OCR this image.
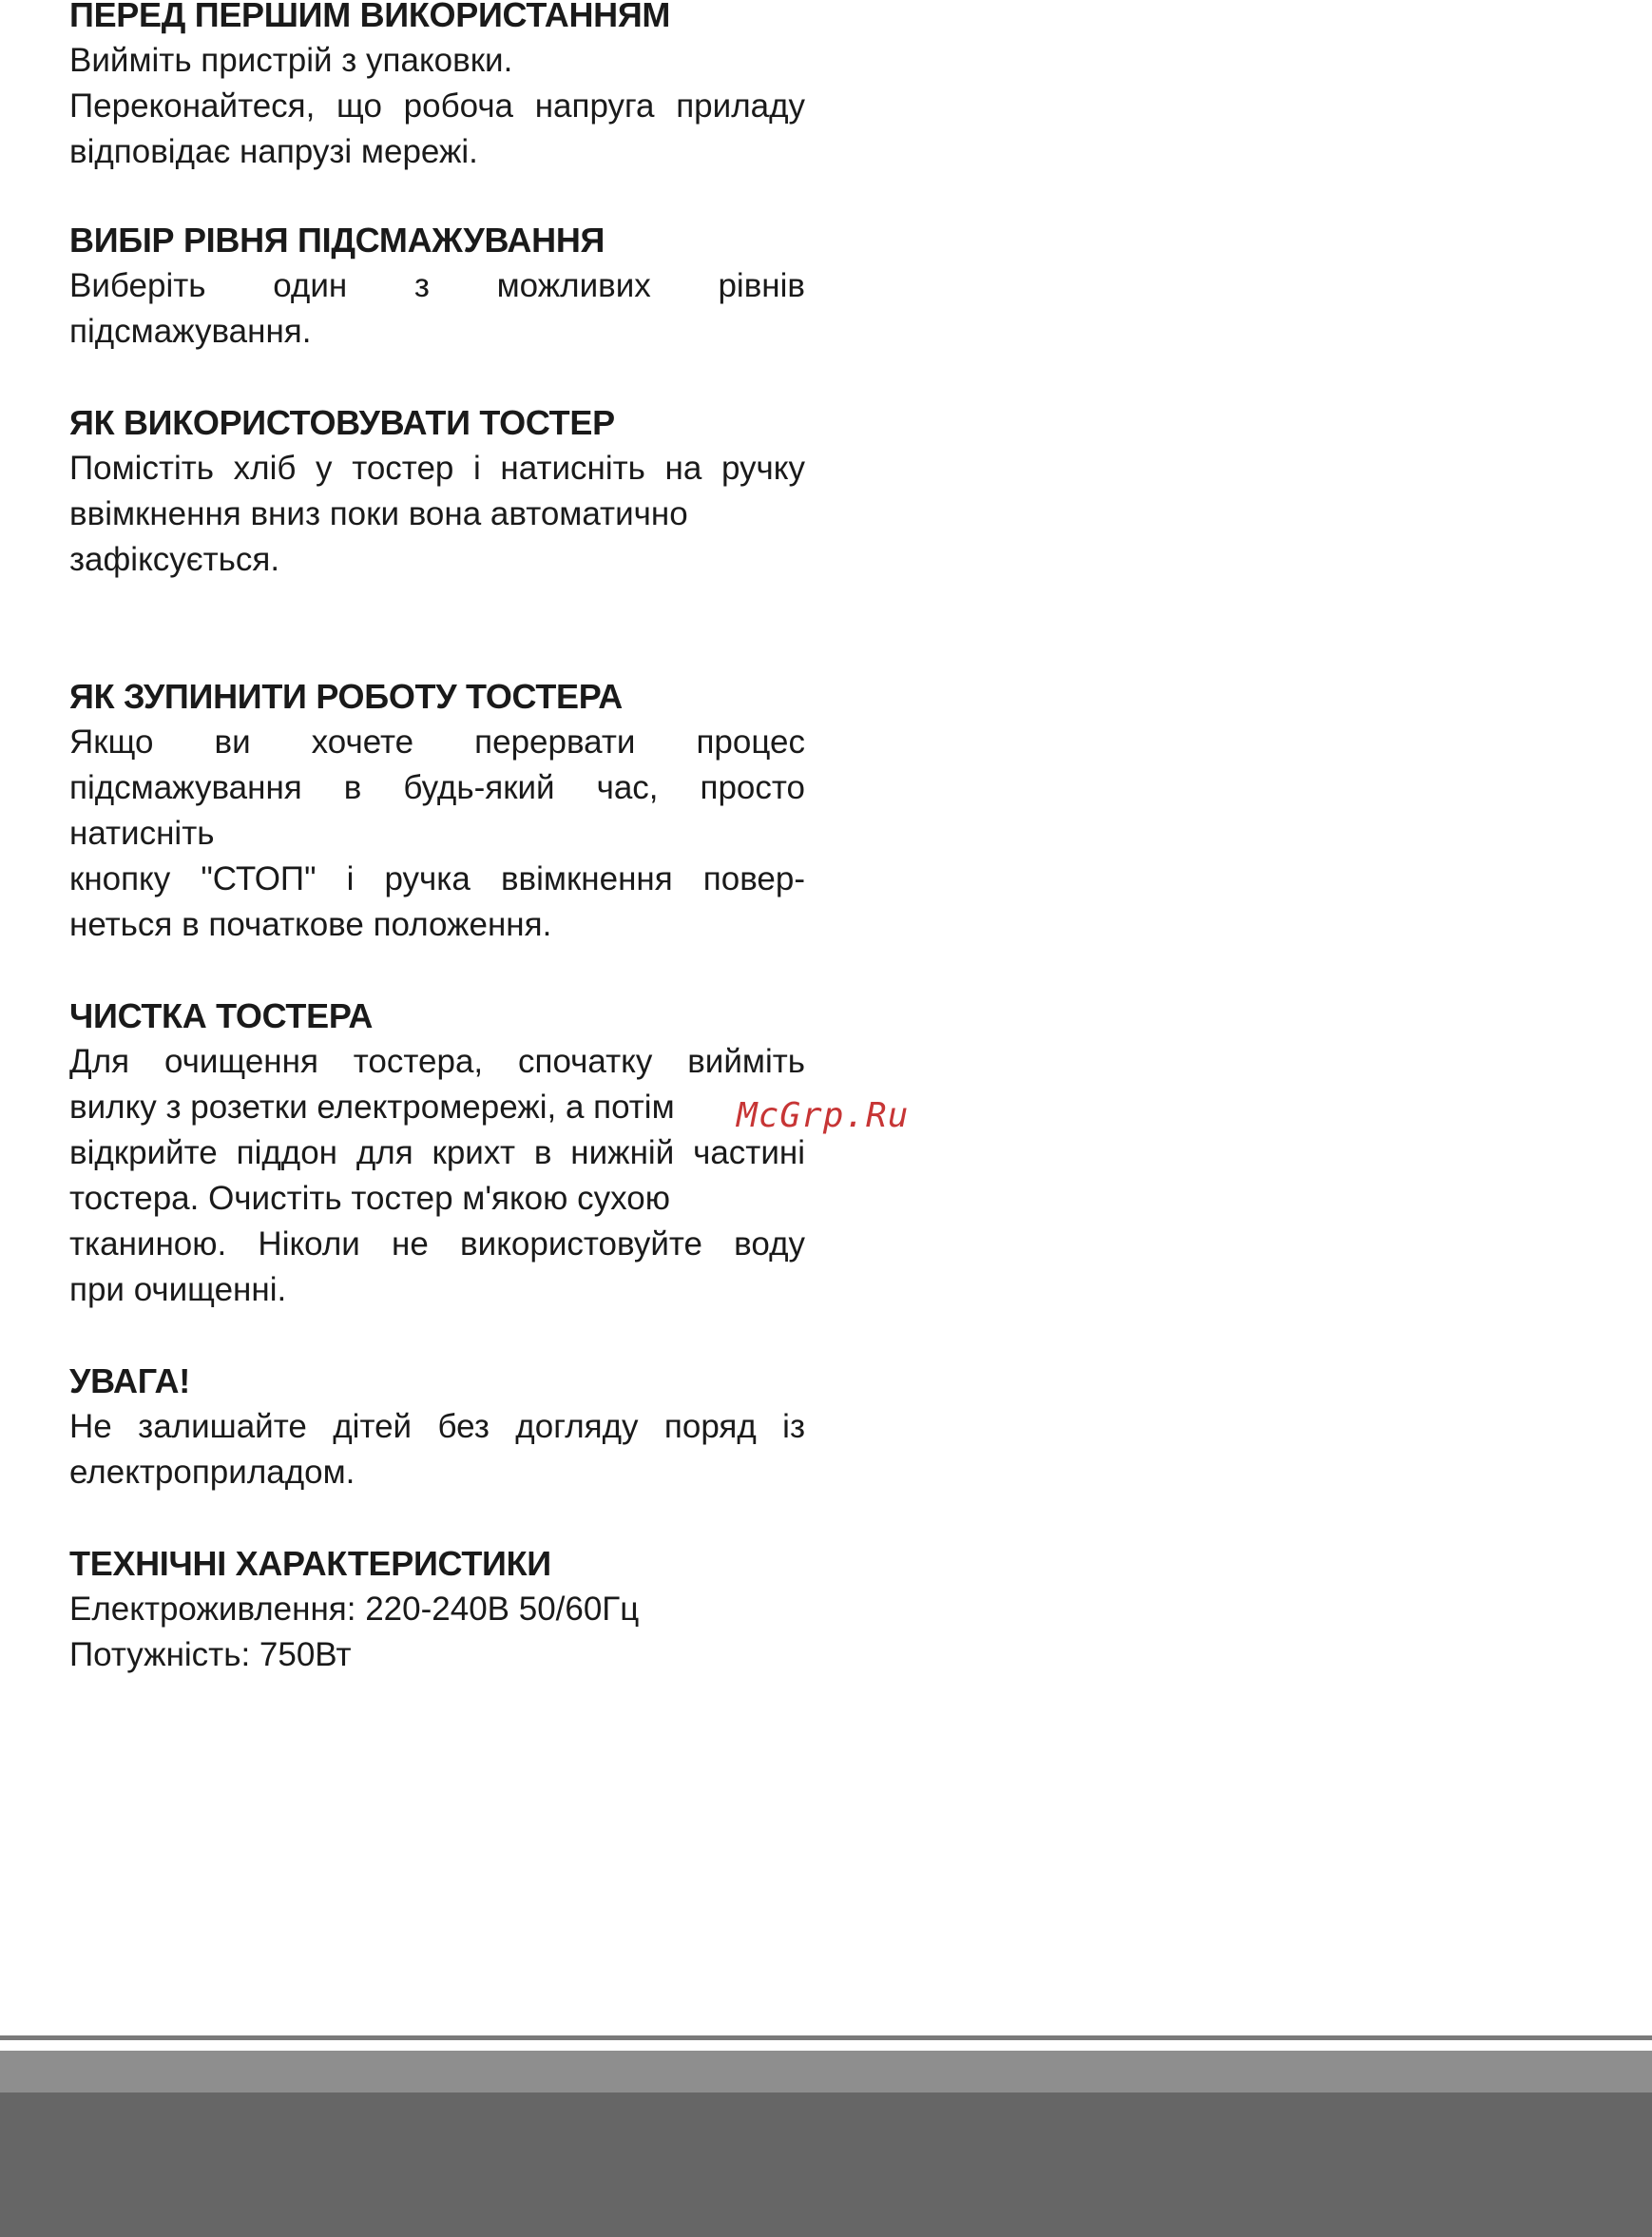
ПЕРЕД ПЕРШИМ ВИКОРИСТАННЯМ

Вийміть пристрій з упаковки.
Переконайтеся, що робоча напруга приладу
відповідає напрузі мережі.

ВИБІР РІВНЯ ПІДСМАЖУВАННЯ

Виберіть один з можливих рівнів
підсмажування.

ЯК ВИКОРИСТОВУВАТИ ТОСТЕР

Помістіть хліб у тостер і натисніть на ручку
ввімкнення вниз поки вона автоматично
зафіксується.

ЯК ЗУПИНИТИ РОБОТУ ТОСТЕРА

Якщо ви хочете перервати процес
підсмажування в будь-який час, просто
натисніть
кнопку "СТОП" і ручка ввімкнення повер-
неться в початкове положення.

ЧИСТКА ТОСТЕРА

Для очищення тостера, спочатку вийміть
вилку з розетки електромережі, а потім
відкрийте піддон для крихт в нижній частині
тостера. Очистіть тостер м'якою сухою
тканиною. Ніколи не використовуйте воду
при очищенні.

УВАГА!

Не залишайте дітей без догляду поряд із
електроприладом.

ТЕХНІЧНІ ХАРАКТЕРИСТИКИ

Електроживлення: 220-240В 50/60Гц
Потужність: 750Вт

McGrp.Ru
